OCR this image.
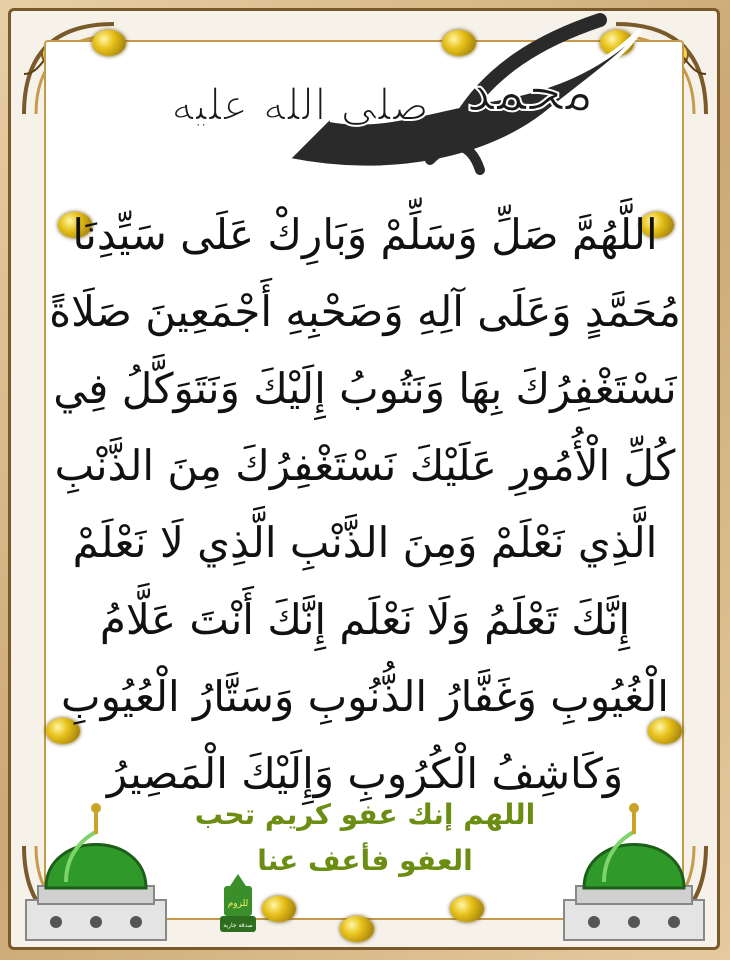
محمد
صلى الله عليه
اللَّهُمَّ صَلِّ وَسَلِّمْ وَبَارِكْ عَلَى سَيِّدِنَا
مُحَمَّدٍ وَعَلَى آلِهِ وَصَحْبِهِ أَجْمَعِينَ صَلَاةً
نَسْتَغْفِرُكَ بِهَا وَنَتُوبُ إِلَيْكَ وَنَتَوَكَّلُ فِي
كُلِّ الْأُمُورِ عَلَيْكَ نَسْتَغْفِرُكَ مِنَ الذَّنْبِ
الَّذِي نَعْلَمْ وَمِنَ الذَّنْبِ الَّذِي لَا نَعْلَمْ
إِنَّكَ تَعْلَمُ وَلَا نَعْلَم إِنَّكَ أَنْتَ عَلَّامُ
الْغُيُوبِ وَغَفَّارُ الذُّنُوبِ وَسَتَّارُ الْعُيُوبِ
وَكَاشِفُ الْكُرُوبِ وَإِلَيْكَ الْمَصِيرُ
اللهم إنك عفو كريم تحب
العفو فأعف عنا
للزوم
صدقة جارية
